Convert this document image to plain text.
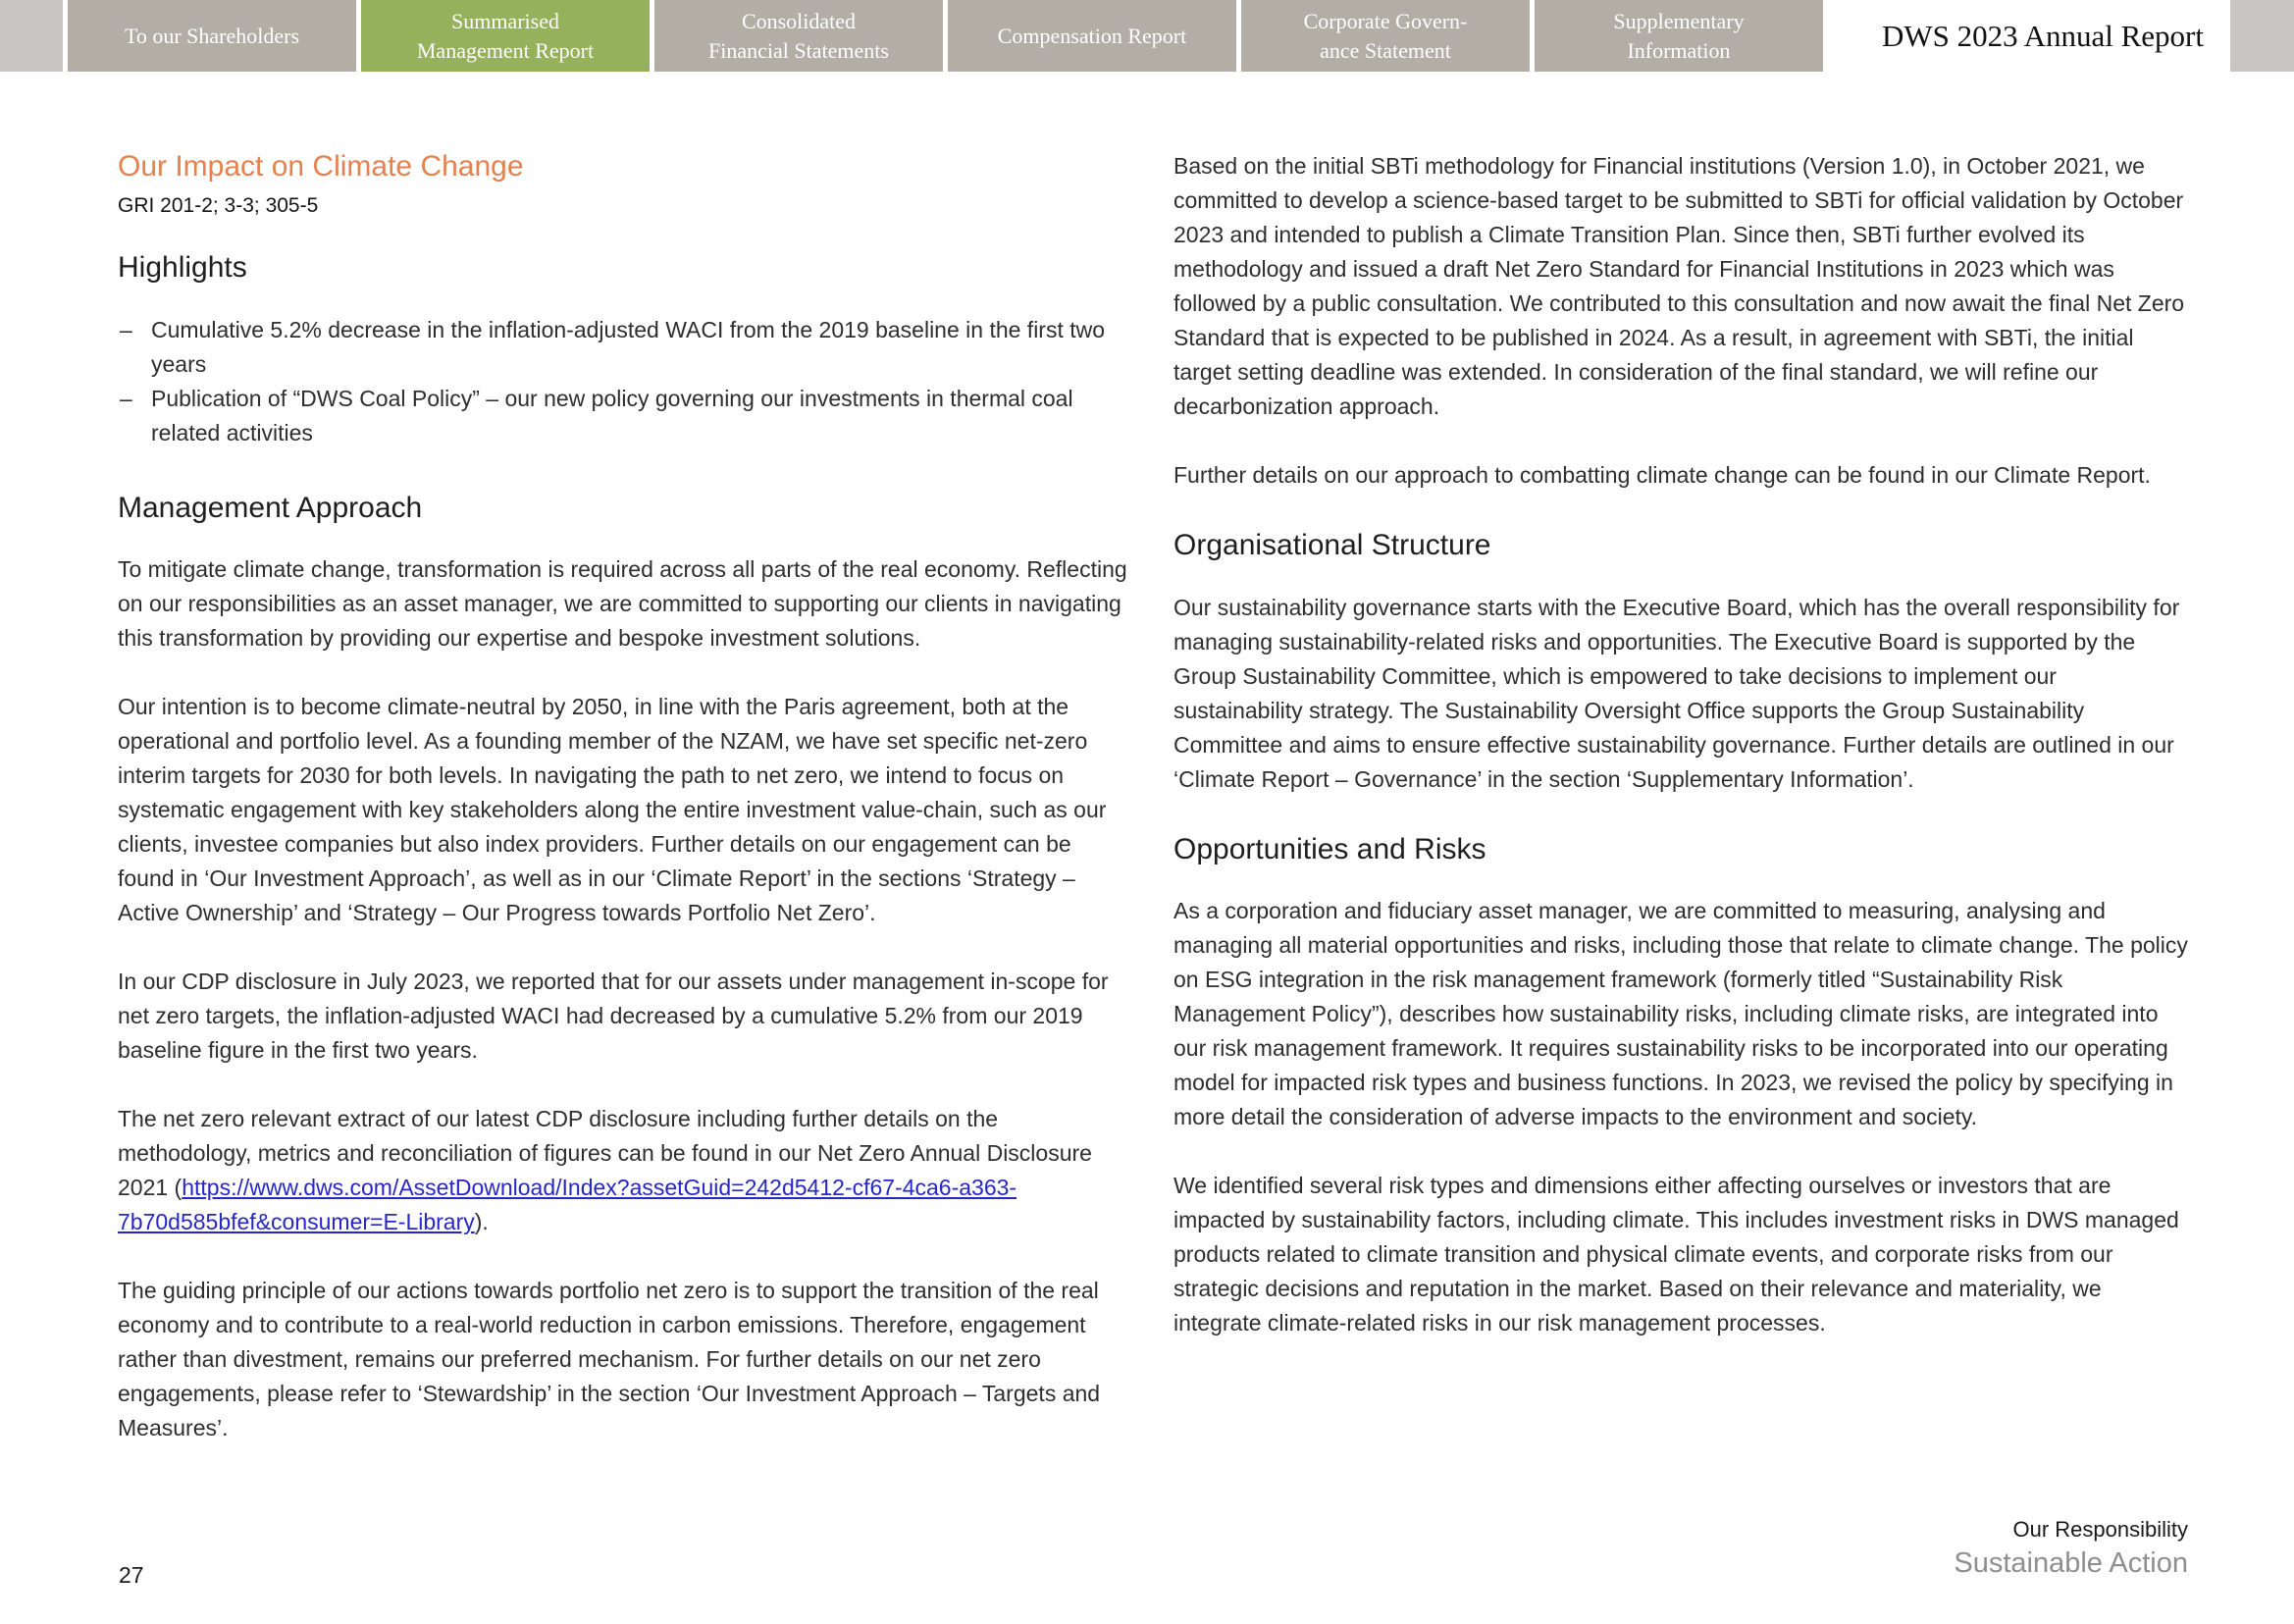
To our Shareholders
Summarised
Management Report
Consolidated
Financial Statements
Compensation Report
Corporate Govern-
ance Statement
Supplementary
Information	DWS 2023 Annual Report
Our Impact on Climate Change
GRI 201-2; 3-3; 305-5
Highlights
– Cumulative 5.2% decrease in the inflation-adjusted WACI from the 2019 baseline in the first two years
– Publication of “DWS Coal Policy” – our new policy governing our investments in thermal coal related activities
Management Approach

To mitigate climate change, transformation is required across all parts of the real economy. Reflecting on our responsibilities as an asset manager, we are committed to supporting our clients in navigating this transformation by providing our expertise and bespoke investment solutions.

Our intention is to become climate-neutral by 2050, in line with the Paris agreement, both at the operational and portfolio level. As a founding member of the NZAM, we have set specific net-zero interim targets for 2030 for both levels. In navigating the path to net zero, we intend to focus on systematic engagement with key stakeholders along the entire investment value-chain, such as our clients, investee companies but also index providers. Further details on our engagement can be found in ‘Our Investment Approach’, as well as in our ‘Climate Report’ in the sections ‘Strategy – Active Ownership’ and ‘Strategy – Our Progress towards Portfolio Net Zero’.

In our CDP disclosure in July 2023, we reported that for our assets under management in-scope for net zero targets, the inflation-adjusted WACI had decreased by a cumulative 5.2% from our 2019 baseline figure in the first two years.

The net zero relevant extract of our latest CDP disclosure including further details on the methodology, metrics and reconciliation of figures can be found in our Net Zero Annual Disclosure 2021 (https://www.dws.com/AssetDownload/Index?assetGuid=242d5412-cf67-4ca6-a363-7b70d585bfef&consumer=E-Library).

The guiding principle of our actions towards portfolio net zero is to support the transition of the real economy and to contribute to a real-world reduction in carbon emissions. Therefore, engagement rather than divestment, remains our preferred mechanism. For further details on our net zero engagements, please refer to ‘Stewardship’ in the section ‘Our Investment Approach – Targets and Measures’.

Based on the initial SBTi methodology for Financial institutions (Version 1.0), in October 2021, we committed to develop a science-based target to be submitted to SBTi for official validation by October 2023 and intended to publish a Climate Transition Plan. Since then, SBTi further evolved its methodology and issued a draft Net Zero Standard for Financial Institutions in 2023 which was followed by a public consultation. We contributed to this consultation and now await the final Net Zero Standard that is expected to be published in 2024. As a result, in agreement with SBTi, the initial target setting deadline was extended. In consideration of the final standard, we will refine our decarbonization approach.

Further details on our approach to combatting climate change can be found in our Climate Report.

Organisational Structure

Our sustainability governance starts with the Executive Board, which has the overall responsibility for managing sustainability-related risks and opportunities. The Executive Board is supported by the Group Sustainability Committee, which is empowered to take decisions to implement our sustainability strategy. The Sustainability Oversight Office supports the Group Sustainability Committee and aims to ensure effective sustainability governance. Further details are outlined in our ‘Climate Report – Governance’ in the section ‘Supplementary Information’.

Opportunities and Risks

As a corporation and fiduciary asset manager, we are committed to measuring, analysing and managing all material opportunities and risks, including those that relate to climate change. The policy on ESG integration in the risk management framework (formerly titled “Sustainability Risk Management Policy”), describes how sustainability risks, including climate risks, are integrated into our risk management framework. It requires sustainability risks to be incorporated into our operating model for impacted risk types and business functions. In 2023, we revised the policy by specifying in more detail the consideration of adverse impacts to the environment and society.

We identified several risk types and dimensions either affecting ourselves or investors that are impacted by sustainability factors, including climate. This includes investment risks in DWS managed products related to climate transition and physical climate events, and corporate risks from our strategic decisions and reputation in the market. Based on their relevance and materiality, we integrate climate-related risks in our risk management processes.

27
Our Responsibility
Sustainable Action
